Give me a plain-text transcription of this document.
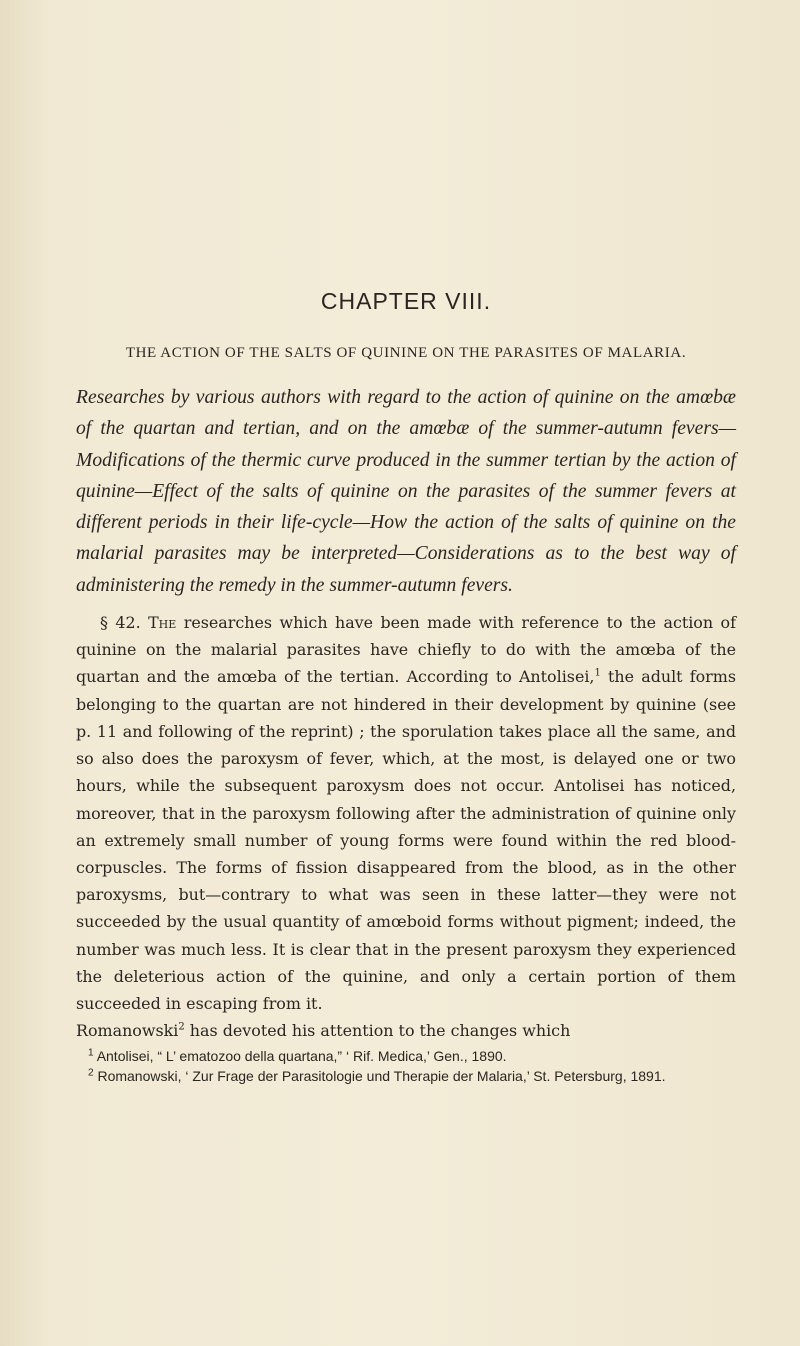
CHAPTER VIII.
THE ACTION OF THE SALTS OF QUININE ON THE PARASITES OF MALARIA.

Researches by various authors with regard to the action of quinine on the amœbæ of the quartan and tertian, and on the amœbæ of the summer-autumn fevers—Modifications of the thermic curve produced in the summer tertian by the action of quinine—Effect of the salts of quinine on the parasites of the summer fevers at different periods in their life-cycle—How the action of the salts of quinine on the malarial parasites may be interpreted—Considerations as to the best way of administering the remedy in the summer-autumn fevers.

§ 42. The researches which have been made with reference to the action of quinine on the malarial parasites have chiefly to do with the amœba of the quartan and the amœba of the tertian. According to Antolisei,$^1$ the adult forms belonging to the quartan are not hindered in their development by quinine (see p. 11 and following of the reprint) ; the sporulation takes place all the same, and so also does the paroxysm of fever, which, at the most, is delayed one or two hours, while the subsequent paroxysm does not occur. Antolisei has noticed, moreover, that in the paroxysm following after the administration of quinine only an extremely small number of young forms were found within the red blood-corpuscles. The forms of fission disappeared from the blood, as in the other paroxysms, but—contrary to what was seen in these latter—they were not succeeded by the usual quantity of amœboid forms without pigment; indeed, the number was much less. It is clear that in the present paroxysm they experienced the deleterious action of the quinine, and only a certain portion of them succeeded in escaping from it.
Romanowski$^2$ has devoted his attention to the changes which

$^1$ Antolisei, “ L’ ematozoo della quartana,” ‘ Rif. Medica,’ Gen., 1890.

$^2$ Romanowski, ‘ Zur Frage der Parasitologie und Therapie der Malaria,’ St. Petersburg, 1891.
